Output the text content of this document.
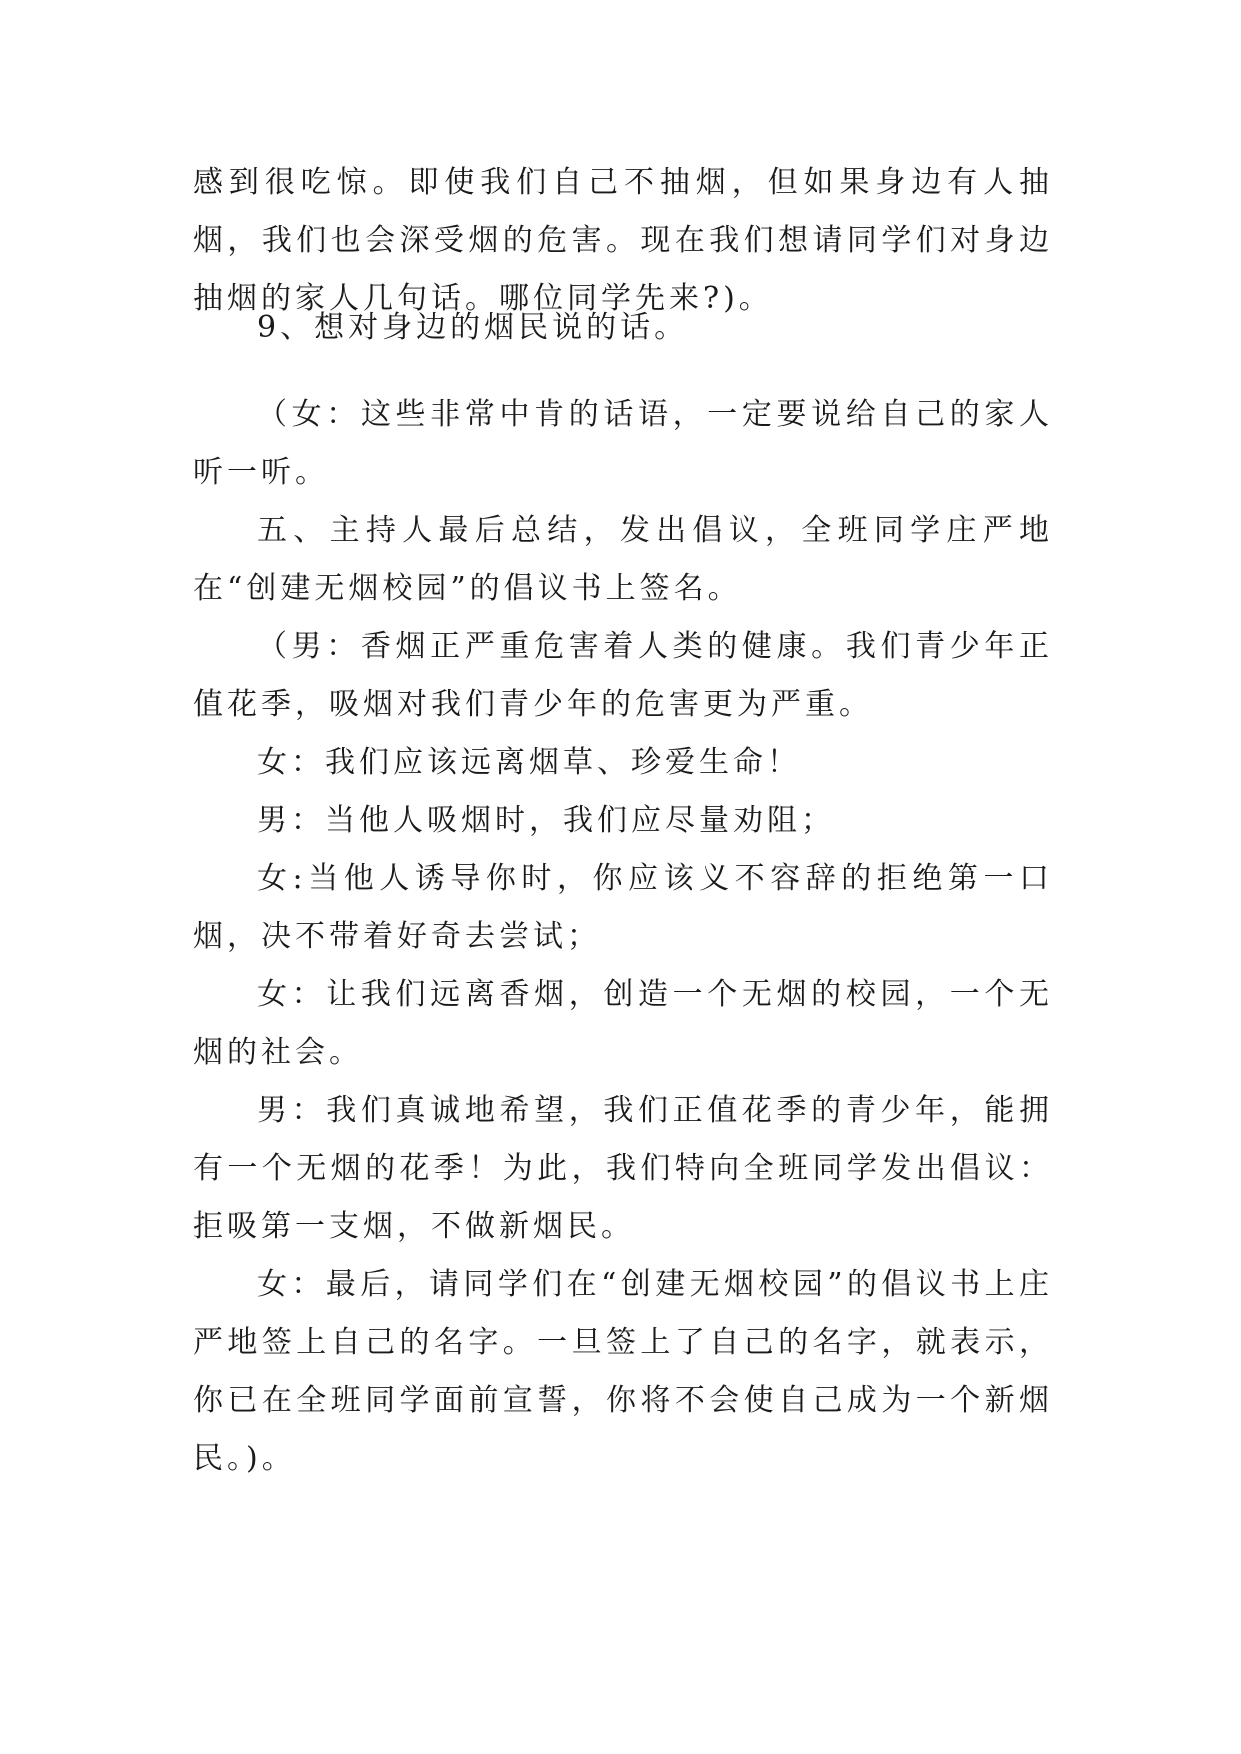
感到很吃惊。即使我们自己不抽烟，但如果身边有人抽烟，我们也会深受烟的危害。现在我们想请同学们对身边抽烟的家人几句话。哪位同学先来?)。

9、想对身边的烟民说的话。

（女：这些非常中肯的话语，一定要说给自己的家人听一听。

五、主持人最后总结，发出倡议，全班同学庄严地在“创建无烟校园”的倡议书上签名。

（男：香烟正严重危害着人类的健康。我们青少年正值花季，吸烟对我们青少年的危害更为严重。

女：我们应该远离烟草、珍爱生命！

男：当他人吸烟时，我们应尽量劝阻；

女:当他人诱导你时，你应该义不容辞的拒绝第一口烟，决不带着好奇去尝试；

女：让我们远离香烟，创造一个无烟的校园，一个无烟的社会。

男：我们真诚地希望，我们正值花季的青少年，能拥有一个无烟的花季！为此，我们特向全班同学发出倡议：拒吸第一支烟，不做新烟民。

女：最后，请同学们在“创建无烟校园”的倡议书上庄严地签上自己的名字。一旦签上了自己的名字，就表示，你已在全班同学面前宣誓，你将不会使自己成为一个新烟民。)。
